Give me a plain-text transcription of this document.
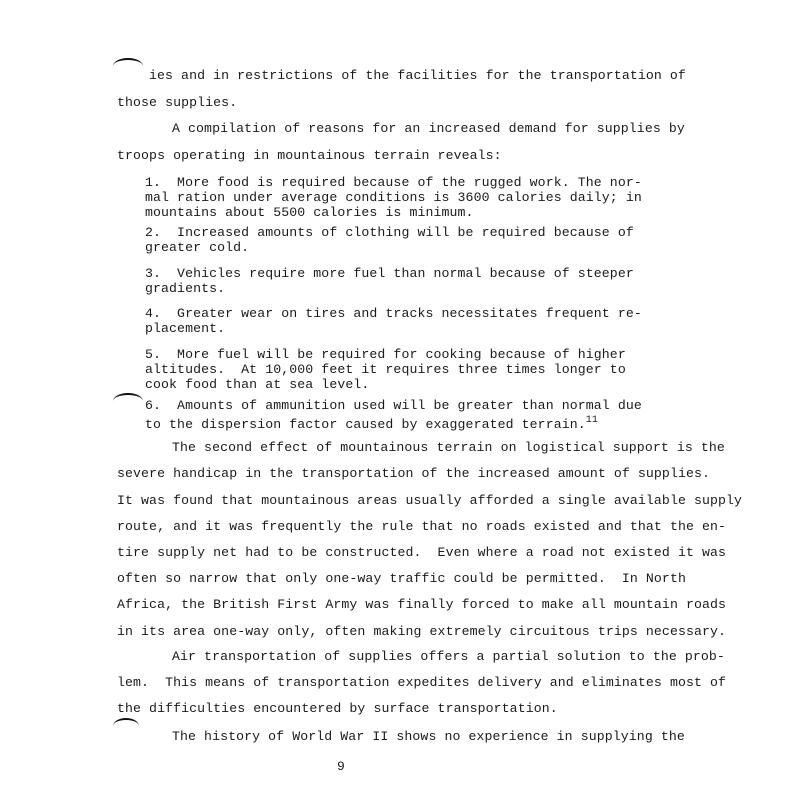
9
ies and in restrictions of the facilities for the transportation of
those supplies.
A compilation of reasons for an increased demand for supplies by
troops operating in mountainous terrain reveals:
1.  More food is required because of the rugged work. The nor-
mal ration under average conditions is 3600 calories daily; in
mountains about 5500 calories is minimum.
2.  Increased amounts of clothing will be required because of
greater cold.
3.  Vehicles require more fuel than normal because of steeper
gradients.
4.  Greater wear on tires and tracks necessitates frequent re-
placement.
5.  More fuel will be required for cooking because of higher
altitudes.  At 10,000 feet it requires three times longer to
cook food than at sea level.
6.  Amounts of ammunition used will be greater than normal due
to the dispersion factor caused by exaggerated terrain.$^{11}$
The second effect of mountainous terrain on logistical support is the
severe handicap in the transportation of the increased amount of supplies.
It was found that mountainous areas usually afforded a single available supply
route, and it was frequently the rule that no roads existed and that the en-
tire supply net had to be constructed.  Even where a road not existed it was
often so narrow that only one-way traffic could be permitted.  In North
Africa, the British First Army was finally forced to make all mountain roads
in its area one-way only, often making extremely circuitous trips necessary.
Air transportation of supplies offers a partial solution to the prob-
lem.  This means of transportation expedites delivery and eliminates most of
the difficulties encountered by surface transportation.
The history of World War II shows no experience in supplying the
